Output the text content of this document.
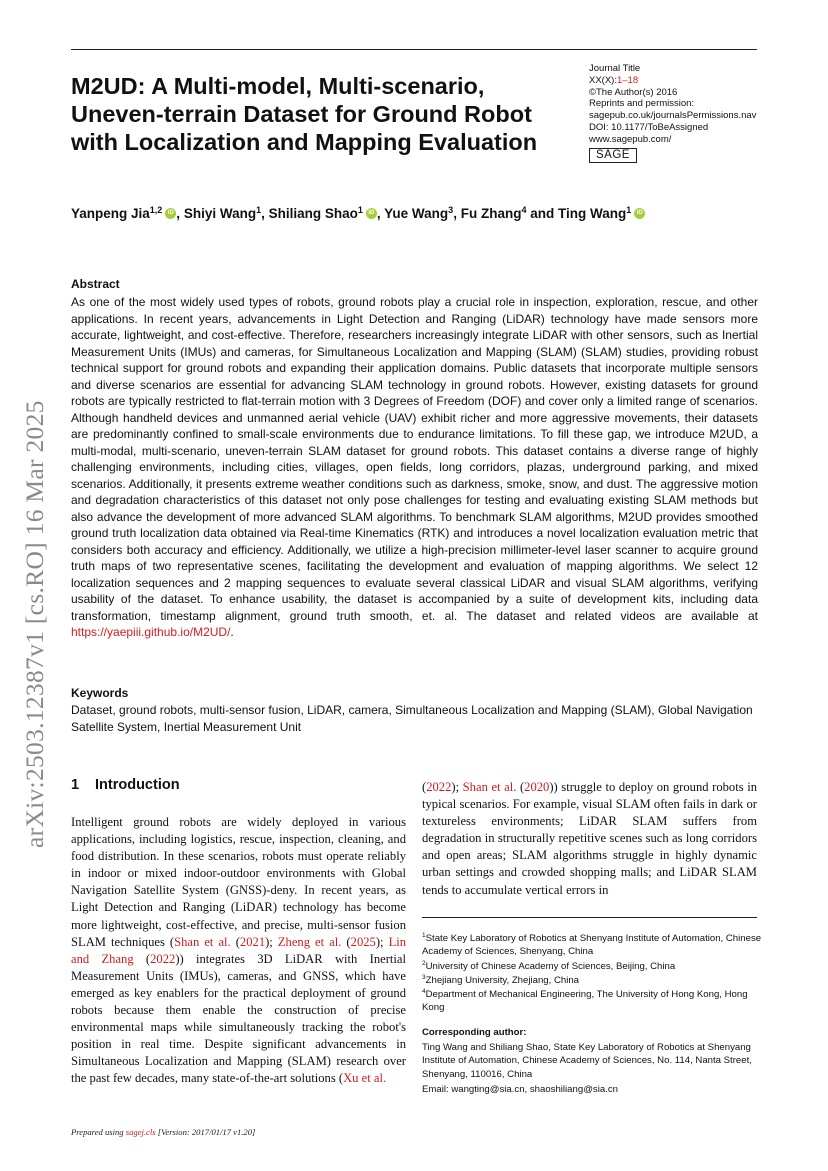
arXiv:2503.12387v1 [cs.RO] 16 Mar 2025
M2UD: A Multi-model, Multi-scenario, Uneven-terrain Dataset for Ground Robot with Localization and Mapping Evaluation
Journal Title
XX(X):1–18
©The Author(s) 2016
Reprints and permission:
sagepub.co.uk/journalsPermissions.nav
DOI: 10.1177/ToBeAssigned
www.sagepub.com/
SAGE
Yanpeng Jia$^{1,2}$ iD , Shiyi Wang$^1$, Shiliang Shao$^1$ iD , Yue Wang$^3$, Fu Zhang$^4$ and Ting Wang$^1$iD
Abstract
As one of the most widely used types of robots, ground robots play a crucial role in inspection, exploration, rescue, and other applications. In recent years, advancements in Light Detection and Ranging (LiDAR) technology have made sensors more accurate, lightweight, and cost-effective. Therefore, researchers increasingly integrate LiDAR with other sensors, such as Inertial Measurement Units (IMUs) and cameras, for Simultaneous Localization and Mapping (SLAM) (SLAM) studies, providing robust technical support for ground robots and expanding their application domains. Public datasets that incorporate multiple sensors and diverse scenarios are essential for advancing SLAM technology in ground robots. However, existing datasets for ground robots are typically restricted to flat-terrain motion with 3 Degrees of Freedom (DOF) and cover only a limited range of scenarios. Although handheld devices and unmanned aerial vehicle (UAV) exhibit richer and more aggressive movements, their datasets are predominantly confined to small-scale environments due to endurance limitations. To fill these gap, we introduce M2UD, a multi-modal, multi-scenario, uneven-terrain SLAM dataset for ground robots. This dataset contains a diverse range of highly challenging environments, including cities, villages, open fields, long corridors, plazas, underground parking, and mixed scenarios. Additionally, it presents extreme weather conditions such as darkness, smoke, snow, and dust. The aggressive motion and degradation characteristics of this dataset not only pose challenges for testing and evaluating existing SLAM methods but also advance the development of more advanced SLAM algorithms. To benchmark SLAM algorithms, M2UD provides smoothed ground truth localization data obtained via Real-time Kinematics (RTK) and introduces a novel localization evaluation metric that considers both accuracy and efficiency. Additionally, we utilize a high-precision millimeter-level laser scanner to acquire ground truth maps of two representative scenes, facilitating the development and evaluation of mapping algorithms. We select 12 localization sequences and 2 mapping sequences to evaluate several classical LiDAR and visual SLAM algorithms, verifying usability of the dataset. To enhance usability, the dataset is accompanied by a suite of development kits, including data transformation, timestamp alignment, ground truth smooth, et. al. The dataset and related videos are available at https://yaepiii.github.io/M2UD/.
Keywords
Dataset, ground robots, multi-sensor fusion, LiDAR, camera, Simultaneous Localization and Mapping (SLAM), Global Navigation Satellite System, Inertial Measurement Unit
1 Introduction
Intelligent ground robots are widely deployed in various applications, including logistics, rescue, inspection, cleaning, and food distribution. In these scenarios, robots must operate reliably in indoor or mixed indoor-outdoor environments with Global Navigation Satellite System (GNSS)-deny. In recent years, as Light Detection and Ranging (LiDAR) technology has become more lightweight, cost-effective, and precise, multi-sensor fusion SLAM techniques (Shan et al. (2021); Zheng et al. (2025); Lin and Zhang (2022)) integrates 3D LiDAR with Inertial Measurement Units (IMUs), cameras, and GNSS, which have emerged as key enablers for the practical deployment of ground robots because them enable the construction of precise environmental maps while simultaneously tracking the robot's position in real time. Despite significant advancements in Simultaneous Localization and Mapping (SLAM) research over the past few decades, many state-of-the-art solutions (Xu et al.
(2022); Shan et al. (2020)) struggle to deploy on ground robots in typical scenarios. For example, visual SLAM often fails in dark or textureless environments; LiDAR SLAM suffers from degradation in structurally repetitive scenes such as long corridors and open areas; SLAM algorithms struggle in highly dynamic urban settings and crowded shopping malls; and LiDAR SLAM tends to accumulate vertical errors in
$^1$State Key Laboratory of Robotics at Shenyang Institute of Automation, Chinese Academy of Sciences, Shenyang, China
$^2$University of Chinese Academy of Sciences, Beijing, China
$^3$Zhejiang University, Zhejiang, China
$^4$Department of Mechanical Engineering, The University of Hong Kong, Hong Kong
Corresponding author:
Ting Wang and Shiliang Shao, State Key Laboratory of Robotics at Shenyang Institute of Automation, Chinese Academy of Sciences, No. 114, Nanta Street, Shenyang, 110016, China
Email: wangting@sia.cn, shaoshiliang@sia.cn
Prepared using sagej.cls [Version: 2017/01/17 v1.20]
